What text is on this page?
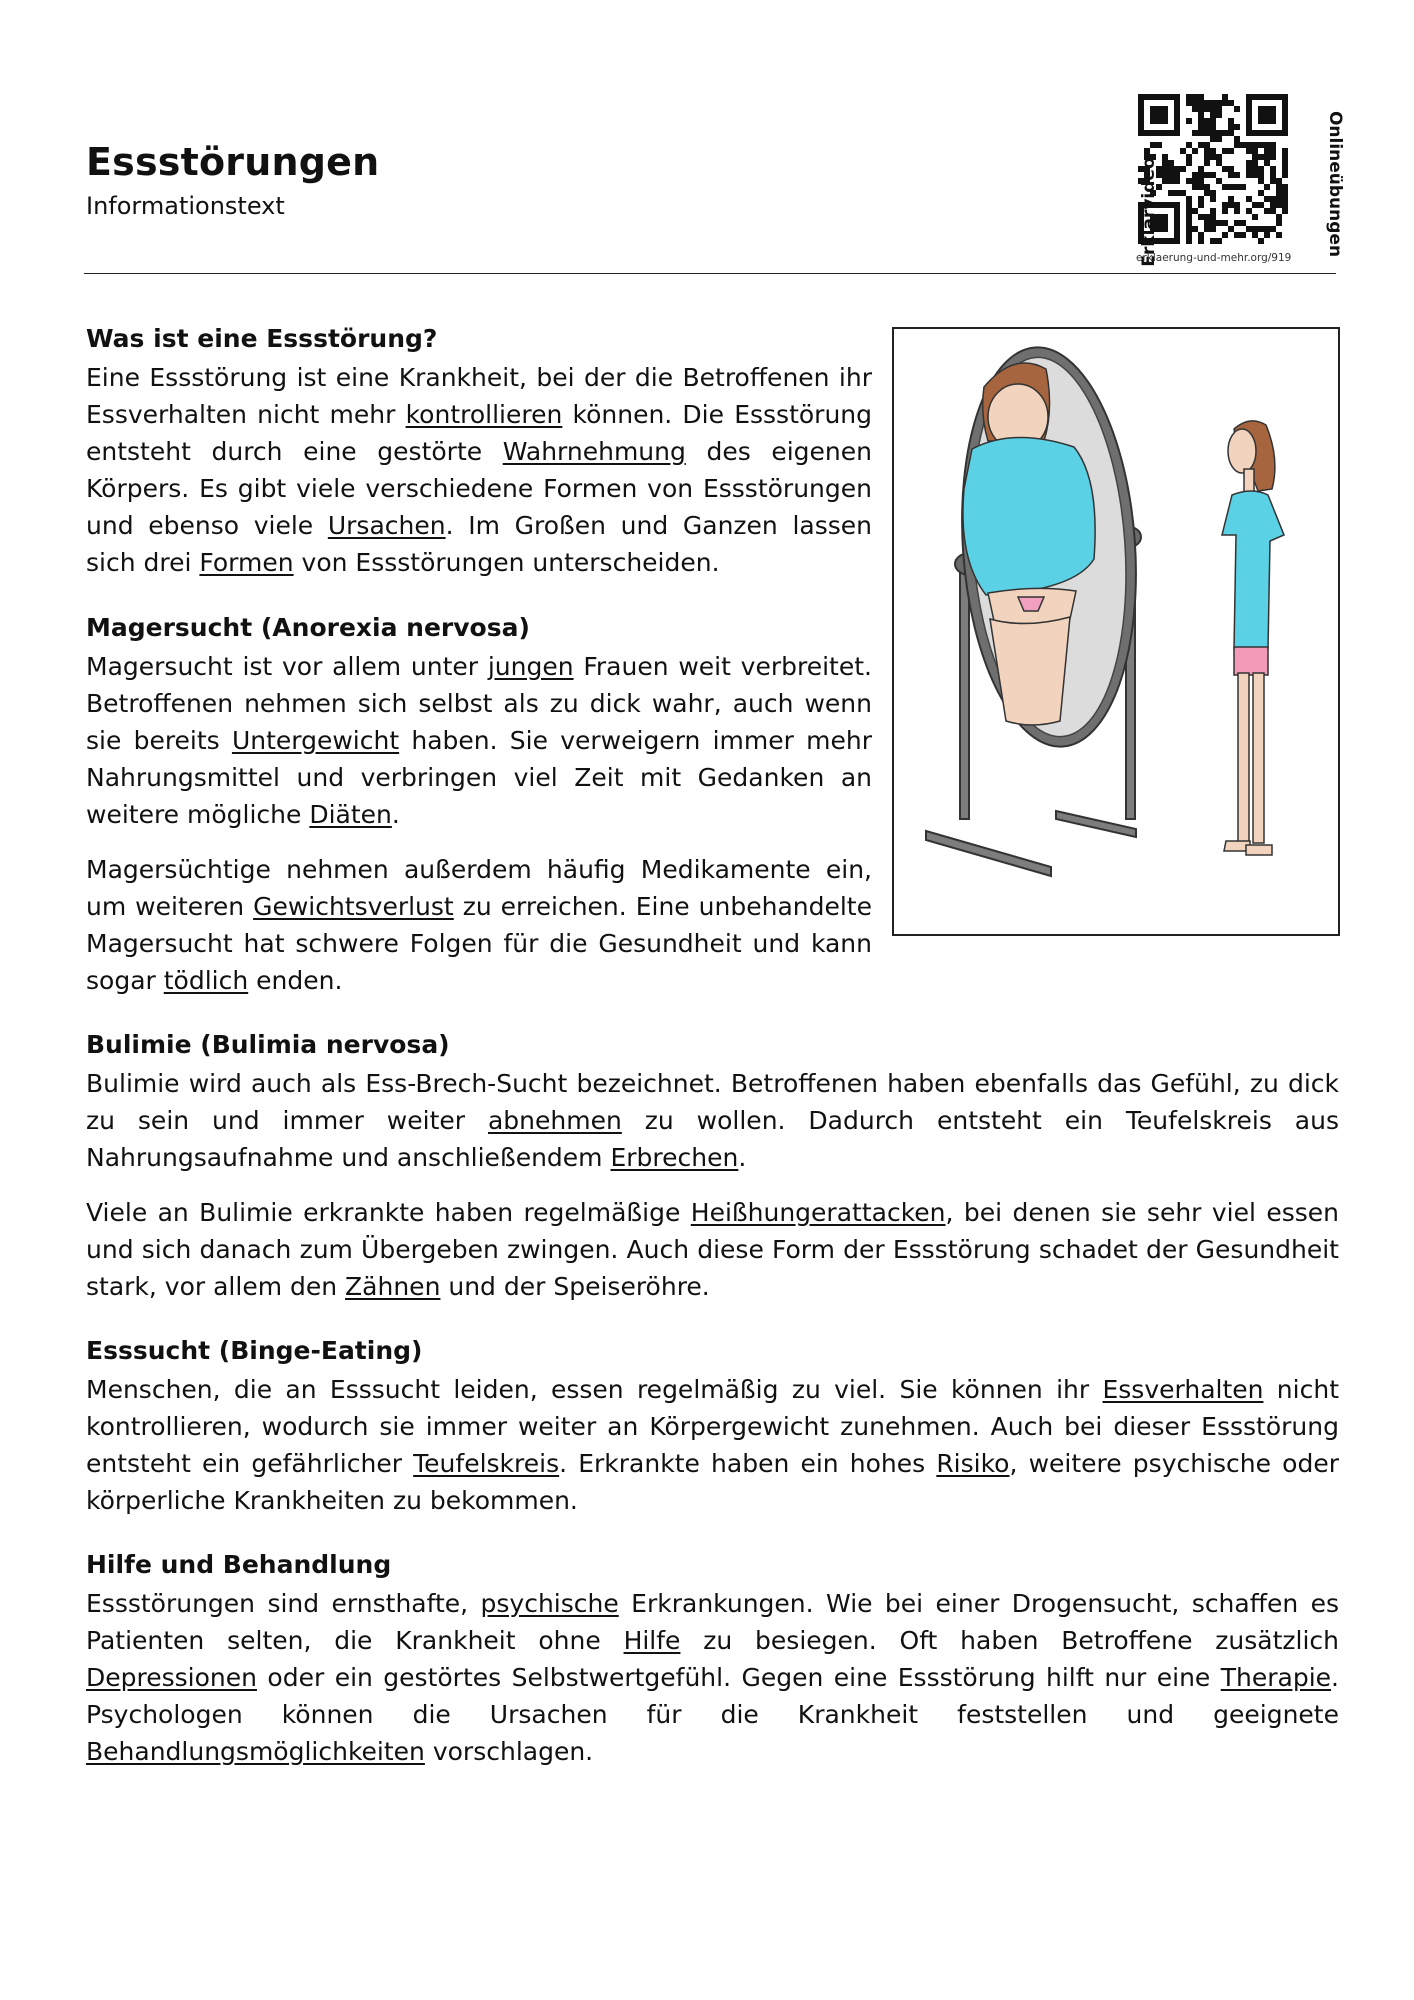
Essstörungen
Informationstext	Erklärvideo	Onlineübungen
erklaerung-und-mehr.org/919
Was ist eine Essstörung?

Eine Essstörung ist eine Krankheit, bei der die Betroffenen ihr Essverhalten nicht mehr kontrollieren können. Die Essstörung entsteht durch eine gestörte Wahrnehmung des eigenen Körpers. Es gibt viele verschiedene Formen von Essstörungen und ebenso viele Ursachen. Im Großen und Ganzen lassen sich drei Formen von Essstörungen unterscheiden.

Magersucht (Anorexia nervosa)

Magersucht ist vor allem unter jungen Frauen weit verbreitet. Betroffenen nehmen sich selbst als zu dick wahr, auch wenn sie bereits Untergewicht haben. Sie verweigern immer mehr Nahrungsmittel und verbringen viel Zeit mit Gedanken an weitere mögliche Diäten.

Magersüchtige nehmen außerdem häufig Medikamente ein, um weiteren Gewichtsverlust zu erreichen. Eine unbehandelte Magersucht hat schwere Folgen für die Gesundheit und kann sogar tödlich enden.

Bulimie (Bulimia nervosa)

Bulimie wird auch als Ess-Brech-Sucht bezeichnet. Betroffenen haben ebenfalls das Gefühl, zu dick zu sein und immer weiter abnehmen zu wollen. Dadurch entsteht ein Teufelskreis aus Nahrungsaufnahme und anschließendem Erbrechen.

Viele an Bulimie erkrankte haben regelmäßige Heißhungerattacken, bei denen sie sehr viel essen und sich danach zum Übergeben zwingen. Auch diese Form der Essstörung schadet der Gesundheit stark, vor allem den Zähnen und der Speiseröhre.

Esssucht (Binge-Eating)

Menschen, die an Esssucht leiden, essen regelmäßig zu viel. Sie können ihr Essverhalten nicht kontrollieren, wodurch sie immer weiter an Körpergewicht zunehmen. Auch bei dieser Essstörung entsteht ein gefährlicher Teufelskreis. Erkrankte haben ein hohes Risiko, weitere psychische oder körperliche Krankheiten zu bekommen.

Hilfe und Behandlung

Essstörungen sind ernsthafte, psychische Erkrankungen. Wie bei einer Drogensucht, schaffen es Patienten selten, die Krankheit ohne Hilfe zu besiegen. Oft haben Betroffene zusätzlich Depressionen oder ein gestörtes Selbstwertgefühl. Gegen eine Essstörung hilft nur eine Therapie. Psychologen können die Ursachen für die Krankheit feststellen und geeignete Behandlungsmöglichkeiten vorschlagen.
